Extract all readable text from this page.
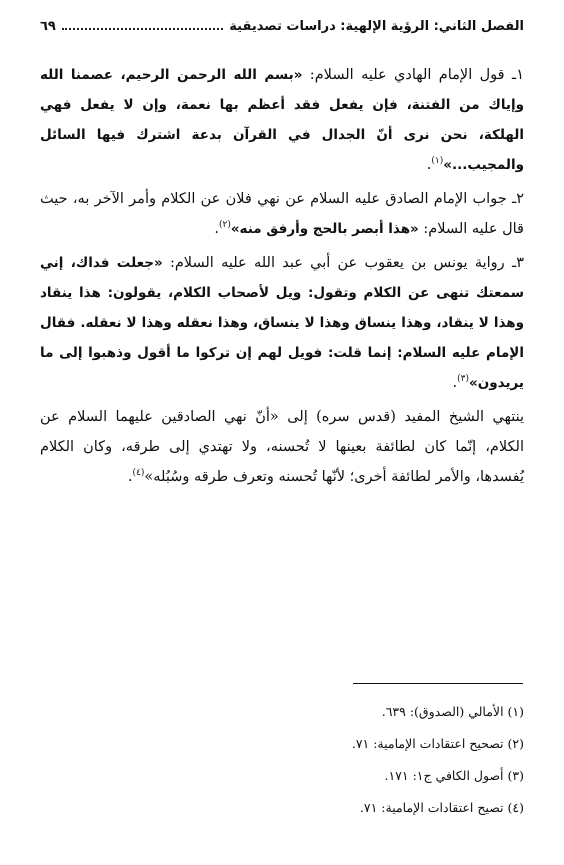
الفصل الثاني: الرؤية الإلهية: دراسات تصديقية
٦٩

١ـ قول الإمام الهادي عليه السلام: «بسم الله الرحمن الرحيم، عصمنا الله وإياك من الفتنة، فإن يفعل فقد أعظم بها نعمة، وإن لا يفعل فهي الهلكة، نحن نرى أنّ الجدال في القرآن بدعة اشترك فيها السائل والمجيب...»$^{(١)}$.

٢ـ جواب الإمام الصادق عليه السلام عن نهي فلان عن الكلام وأمر الآخر به، حيث قال عليه السلام: «هذا أبصر بالحج وأرفق منه»$^{(٢)}$.

٣ـ رواية يونس بن يعقوب عن أبي عبد الله عليه السلام: «جعلت فداك، إني سمعتك تنهى عن الكلام وتقول: ويل لأصحاب الكلام، يقولون: هذا ينقاد وهذا لا ينقاد، وهذا ينساق وهذا لا ينساق، وهذا نعقله وهذا لا نعقله. فقال الإمام عليه السلام: إنما قلت: فويل لهم إن تركوا ما أقول وذهبوا إلى ما يريدون»$^{(٣)}$.

ينتهي الشيخ المفيد (قدس سره) إلى «أنّ نهي الصادقين عليهما السلام عن الكلام، إنّما كان لطائفة بعينها لا تُحسنه، ولا تهتدي إلى طرقه، وكان الكلام يُفسدها، والأمر لطائفة أخرى؛ لأنّها تُحسنه وتعرف طرقه وسُبُله»$^{(٤)}$.

(١) الأمالي (الصدوق): ٦٣٩.
(٢) تصحيح اعتقادات الإمامية: ٧١.
(٣) أصول الكافي ج١: ١٧١.
(٤) تصيح اعتقادات الإمامية: ٧١.
